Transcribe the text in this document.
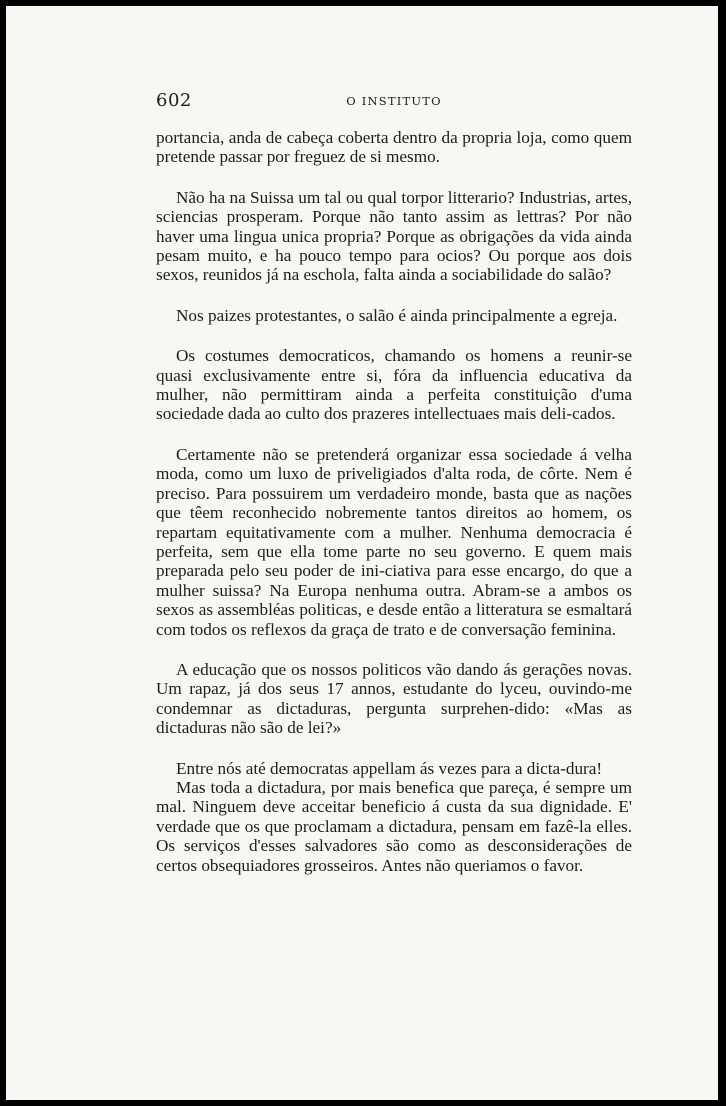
602	O INSTITUTO

portancia, anda de cabeça coberta dentro da propria loja, como quem pretende passar por freguez de si mesmo.

Não ha na Suissa um tal ou qual torpor litterario? Industrias, artes, sciencias prosperam. Porque não tanto assim as lettras? Por não haver uma lingua unica propria? Porque as obrigações da vida ainda pesam muito, e ha pouco tempo para ocios? Ou porque aos dois sexos, reunidos já na eschola, falta ainda a sociabilidade do salão?

Nos paizes protestantes, o salão é ainda principalmente a egreja.

Os costumes democraticos, chamando os homens a reunir-se quasi exclusivamente entre si, fóra da influencia educativa da mulher, não permittiram ainda a perfeita constituição d'uma sociedade dada ao culto dos prazeres intellectuaes mais deli-cados.

Certamente não se pretenderá organizar essa sociedade á velha moda, como um luxo de priveligiados d'alta roda, de côrte. Nem é preciso. Para possuirem um verdadeiro monde, basta que as nações que têem reconhecido nobremente tantos direitos ao homem, os repartam equitativamente com a mulher. Nenhuma democracia é perfeita, sem que ella tome parte no seu governo. E quem mais preparada pelo seu poder de ini-ciativa para esse encargo, do que a mulher suissa? Na Europa nenhuma outra. Abram-se a ambos os sexos as assembléas politicas, e desde então a litteratura se esmaltará com todos os reflexos da graça de trato e de conversação feminina.

A educação que os nossos politicos vão dando ás gerações novas. Um rapaz, já dos seus 17 annos, estudante do lyceu, ouvindo-me condemnar as dictaduras, pergunta surprehen-dido: «Mas as dictaduras não são de lei?»

Entre nós até democratas appellam ás vezes para a dicta-dura!

Mas toda a dictadura, por mais benefica que pareça, é sempre um mal. Ninguem deve acceitar beneficio á custa da sua dignidade. E' verdade que os que proclamam a dictadura, pensam em fazê-la elles. Os serviços d'esses salvadores são como as desconsiderações de certos obsequiadores grosseiros. Antes não queriamos o favor.
